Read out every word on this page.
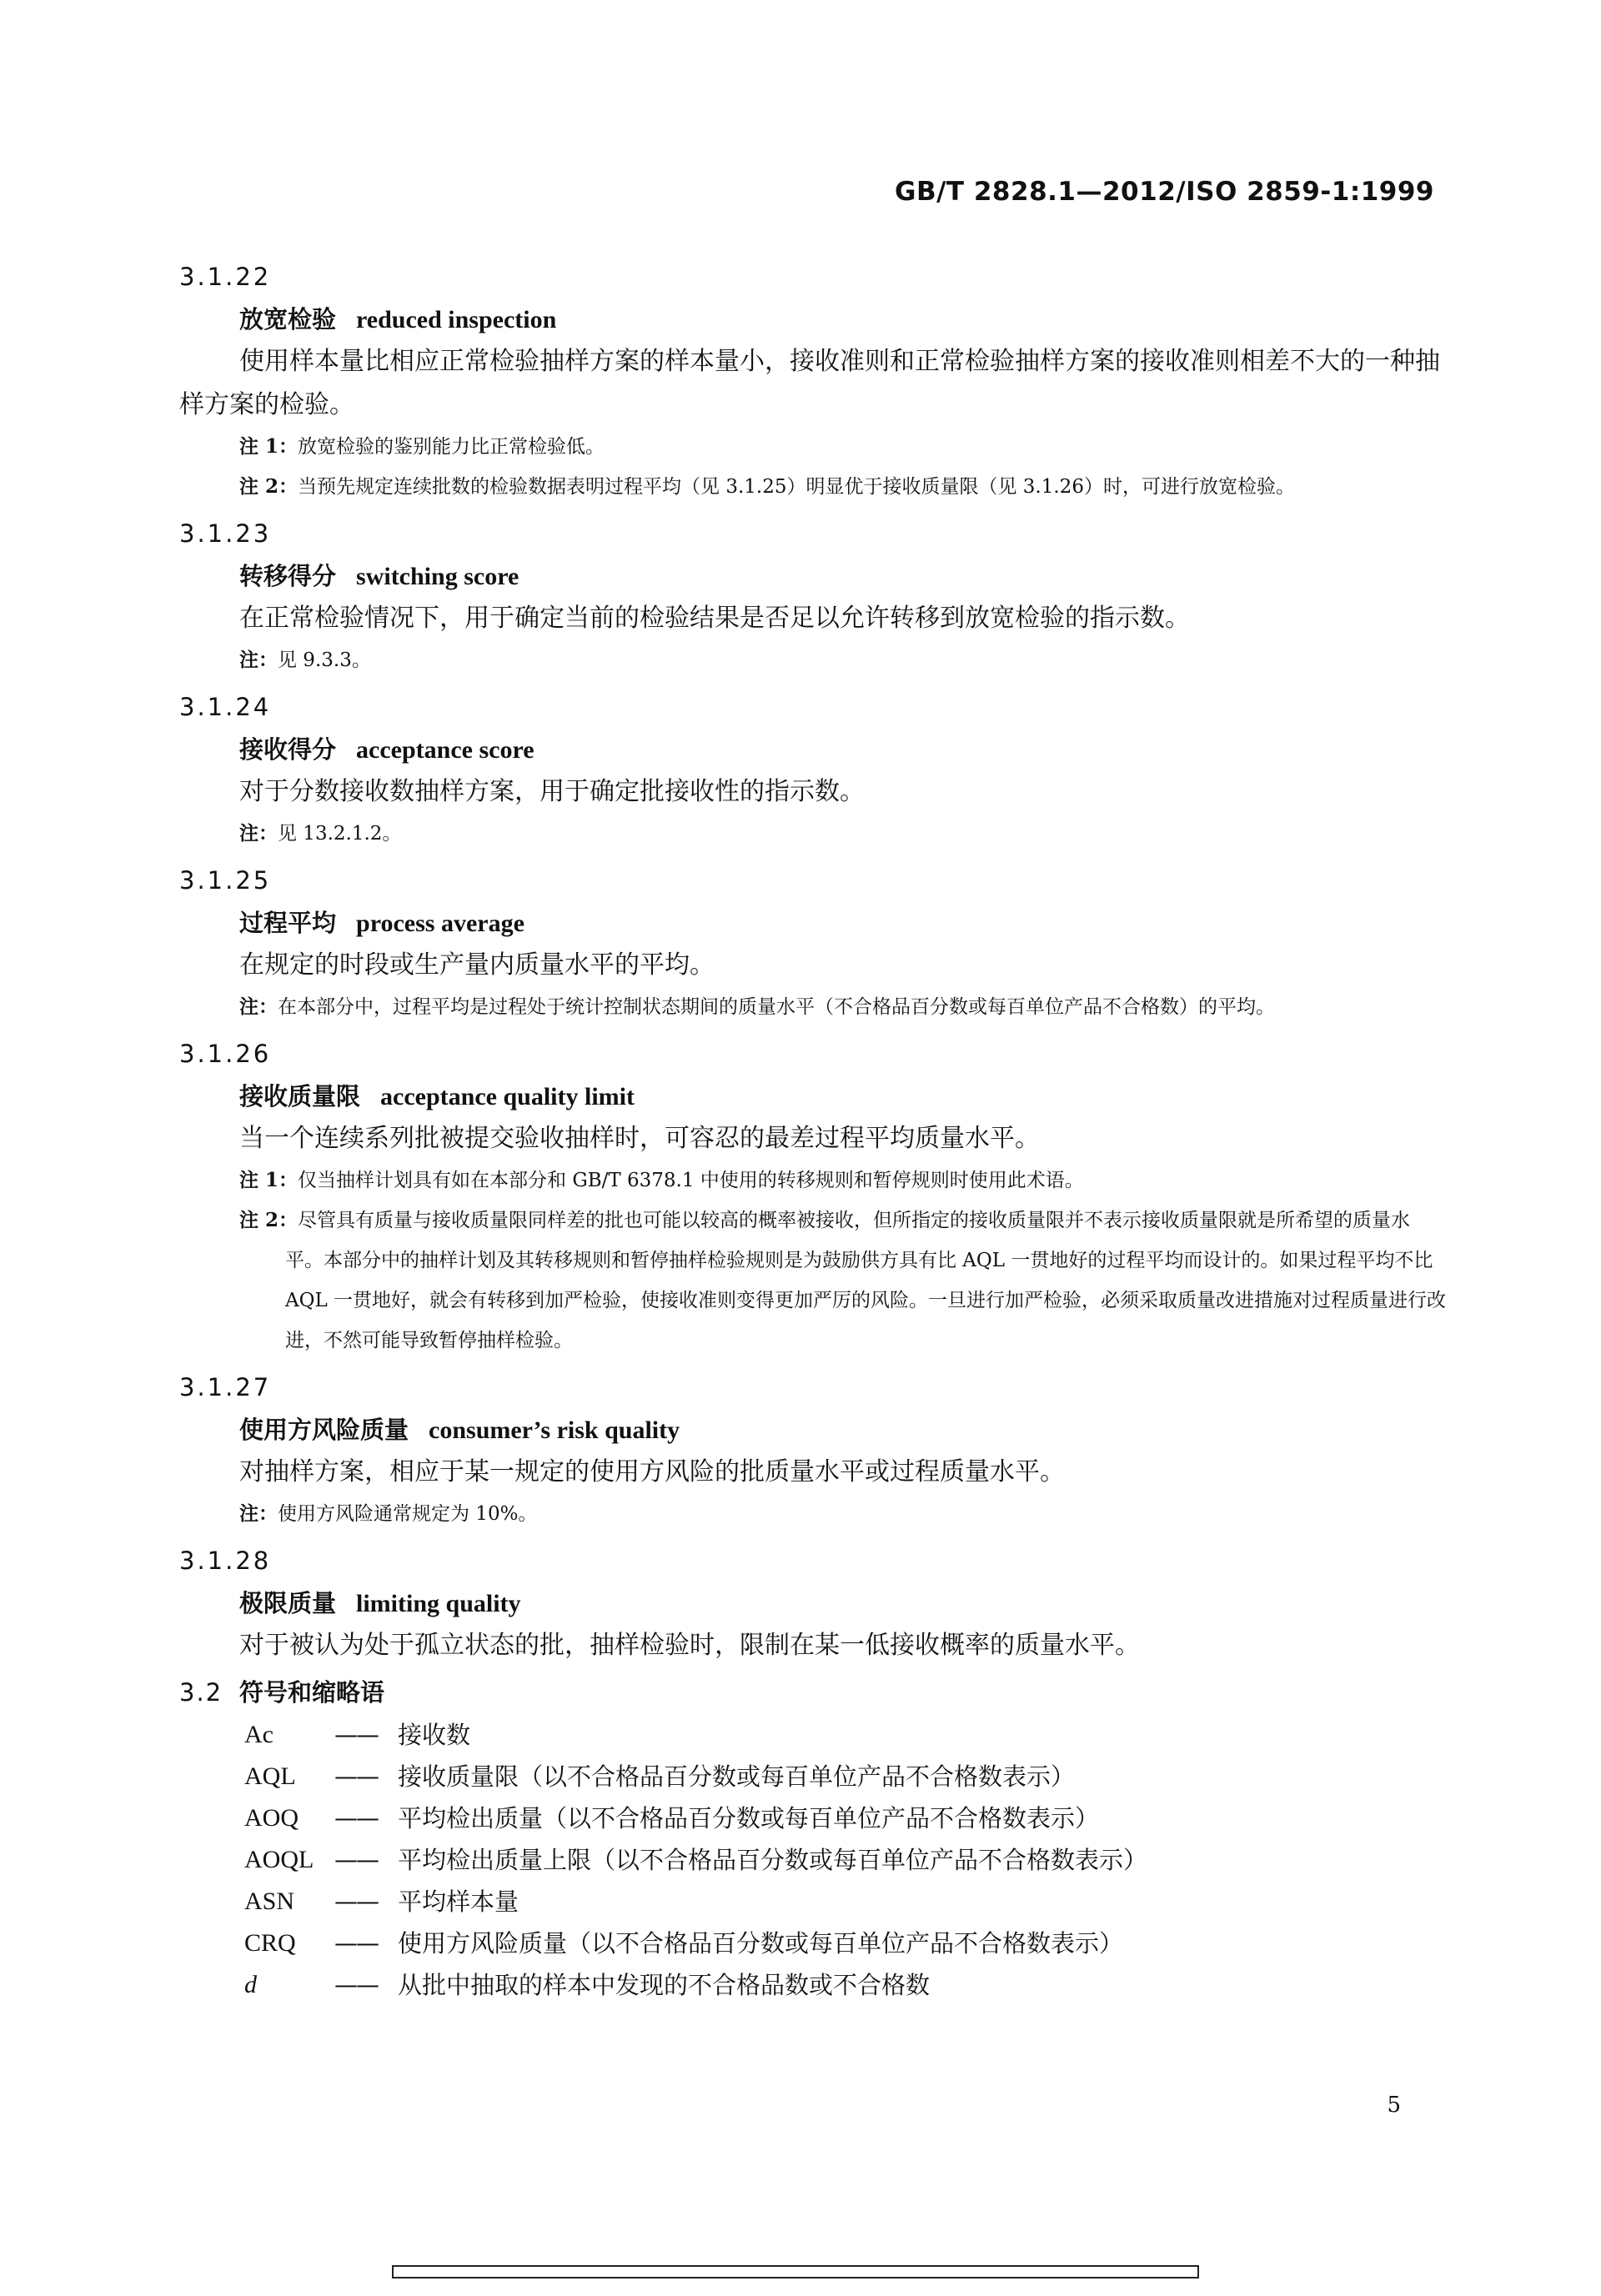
GB/T 2828.1—2012/ISO 2859-1:1999
3.1.22
放宽检验 reduced inspection
使用样本量比相应正常检验抽样方案的样本量小，接收准则和正常检验抽样方案的接收准则相差不大的一种抽样方案的检验。
注 1：放宽检验的鉴别能力比正常检验低。
注 2：当预先规定连续批数的检验数据表明过程平均（见 3.1.25）明显优于接收质量限（见 3.1.26）时，可进行放宽检验。
3.1.23
转移得分 switching score
在正常检验情况下，用于确定当前的检验结果是否足以允许转移到放宽检验的指示数。
注：见 9.3.3。
3.1.24
接收得分 acceptance score
对于分数接收数抽样方案，用于确定批接收性的指示数。
注：见 13.2.1.2。
3.1.25
过程平均 process average
在规定的时段或生产量内质量水平的平均。
注：在本部分中，过程平均是过程处于统计控制状态期间的质量水平（不合格品百分数或每百单位产品不合格数）的平均。
3.1.26
接收质量限 acceptance quality limit
当一个连续系列批被提交验收抽样时，可容忍的最差过程平均质量水平。
注 1：仅当抽样计划具有如在本部分和 GB/T 6378.1 中使用的转移规则和暂停规则时使用此术语。
注 2：尽管具有质量与接收质量限同样差的批也可能以较高的概率被接收，但所指定的接收质量限并不表示接收质量限就是所希望的质量水平。本部分中的抽样计划及其转移规则和暂停抽样检验规则是为鼓励供方具有比 AQL 一贯地好的过程平均而设计的。如果过程平均不比 AQL 一贯地好，就会有转移到加严检验，使接收准则变得更加严厉的风险。一旦进行加严检验，必须采取质量改进措施对过程质量进行改进，不然可能导致暂停抽样检验。
3.1.27
使用方风险质量 consumer’s risk quality
对抽样方案，相应于某一规定的使用方风险的批质量水平或过程质量水平。
注：使用方风险通常规定为 10%。
3.1.28
极限质量 limiting quality
对于被认为处于孤立状态的批，抽样检验时，限制在某一低接收概率的质量水平。
3.2 符号和缩略语
Ac	—— 接收数
AQL	—— 接收质量限（以不合格品百分数或每百单位产品不合格数表示）
AOQ	—— 平均检出质量（以不合格品百分数或每百单位产品不合格数表示）
AOQL —— 平均检出质量上限（以不合格品百分数或每百单位产品不合格数表示）
ASN	—— 平均样本量
CRQ	—— 使用方风险质量（以不合格品百分数或每百单位产品不合格数表示）
d	—— 从批中抽取的样本中发现的不合格品数或不合格数
5
